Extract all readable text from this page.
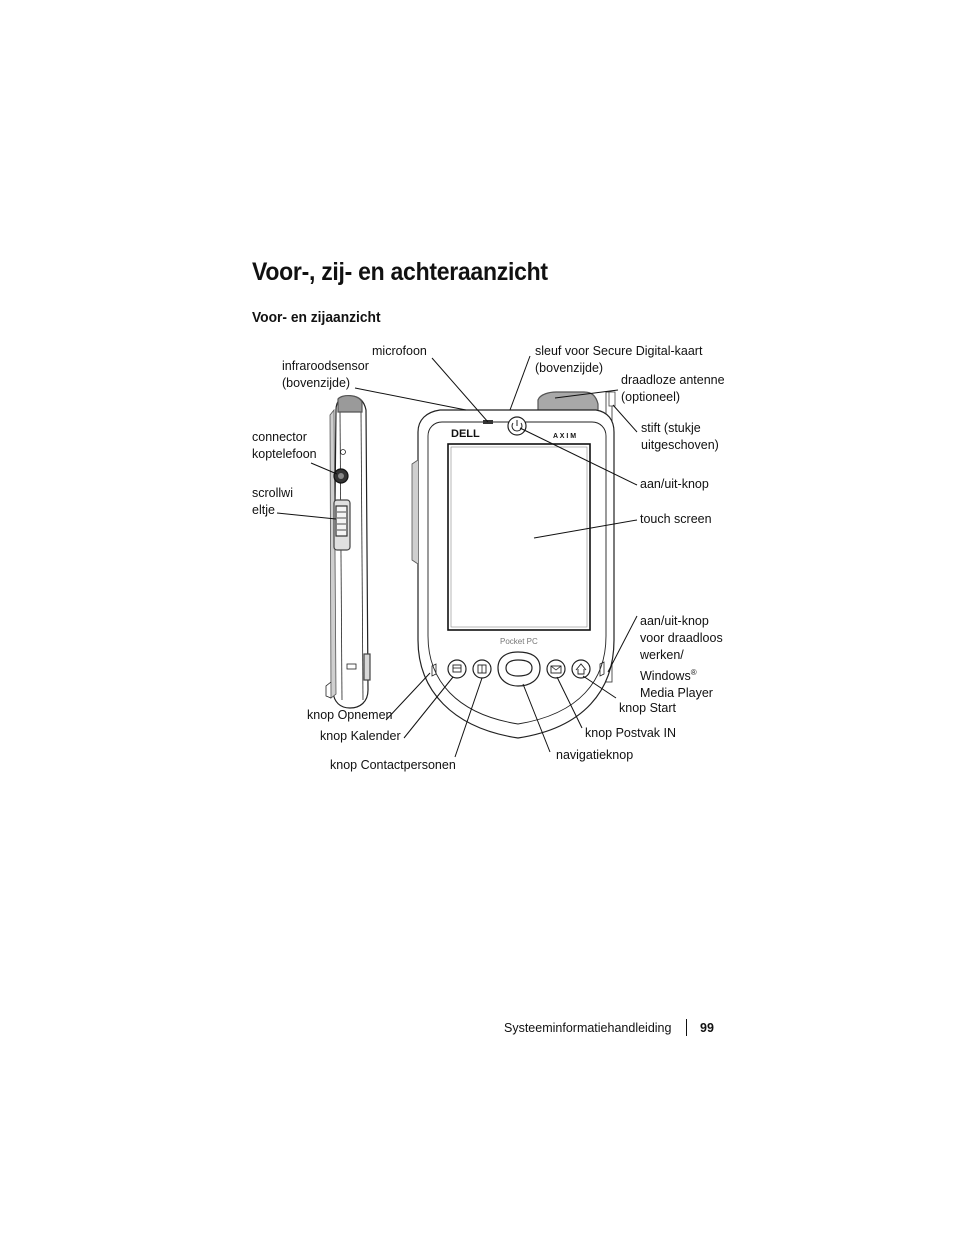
Voor-, zij- en achteraanzicht
Voor- en zijaanzicht
DELL	A X I M
Pocket PC
microfoon
infraroodsensor
(bovenzijde)
sleuf voor Secure Digital-kaart
(bovenzijde)
draadloze antenne
(optioneel)
stift (stukje
uitgeschoven)
connector
koptelefoon
scrollwi
eltje
aan/uit-knop
touch screen
aan/uit-knop
voor draadloos
werken/
Windows®
Media Player
knop Start
knop Postvak IN
navigatieknop
knop Opnemen
knop Kalender
knop Contactpersonen
Systeeminformatiehandleiding 99
